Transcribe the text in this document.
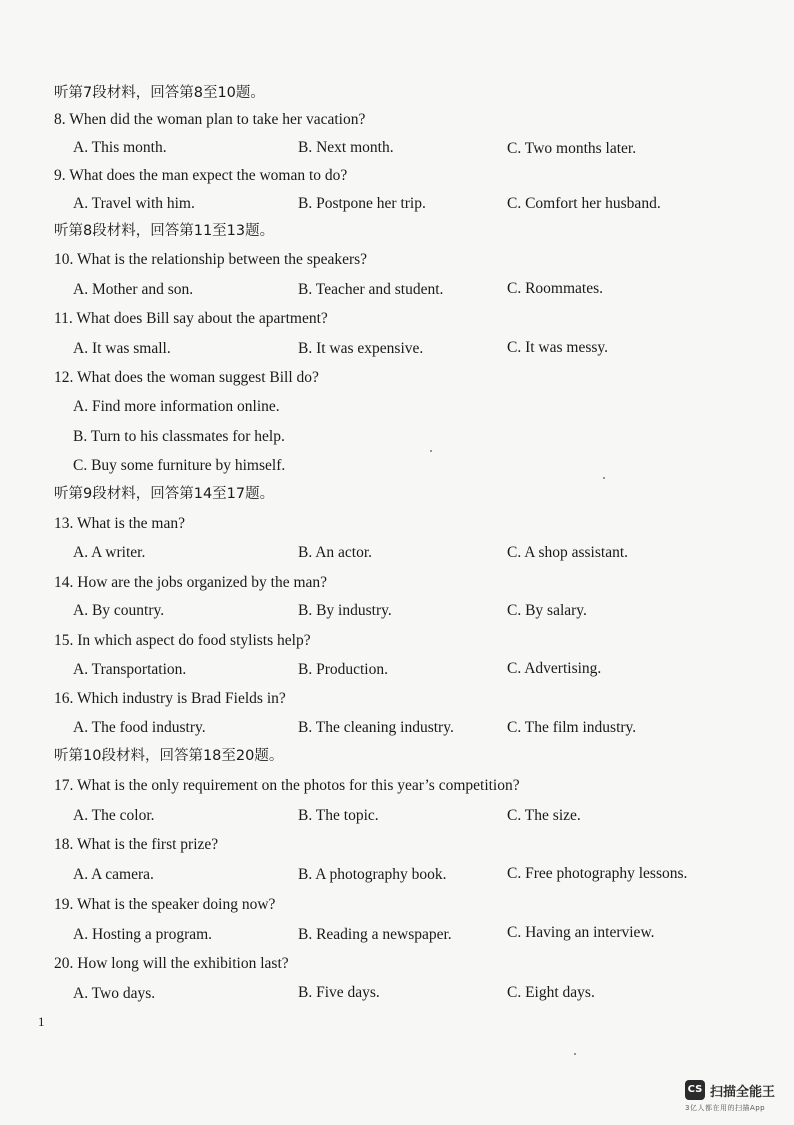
听第7段材料，回答第8至10题。
8. When did the woman plan to take her vacation?
A. This month.	B. Next month.	C. Two months later.
9. What does the man expect the woman to do?
A. Travel with him.	B. Postpone her trip.	C. Comfort her husband.
听第8段材料，回答第11至13题。
10. What is the relationship between the speakers?
A. Mother and son.	B. Teacher and student.	C. Roommates.
11. What does Bill say about the apartment?
A. It was small.	B. It was expensive.	C. It was messy.
12. What does the woman suggest Bill do?
A. Find more information online.
B. Turn to his classmates for help.
C. Buy some furniture by himself.
听第9段材料，回答第14至17题。
13. What is the man?
A. A writer.	B. An actor.	C. A shop assistant.
14. How are the jobs organized by the man?
A. By country.	B. By industry.	C. By salary.
15. In which aspect do food stylists help?
A. Transportation.	B. Production.	C. Advertising.
16. Which industry is Brad Fields in?
A. The food industry.	B. The cleaning industry.	C. The film industry.
听第10段材料，回答第18至20题。
17. What is the only requirement on the photos for this year’s competition?
A. The color.	B. The topic.	C. The size.
18. What is the first prize?
A. A camera.	B. A photography book.	C. Free photography lessons.
19. What is the speaker doing now?
A. Hosting a program.	B. Reading a newspaper.	C. Having an interview.
20. How long will the exhibition last?
A. Two days.	B. Five days.	C. Eight days.
1
CS 扫描全能王
3亿人都在用的扫描App
